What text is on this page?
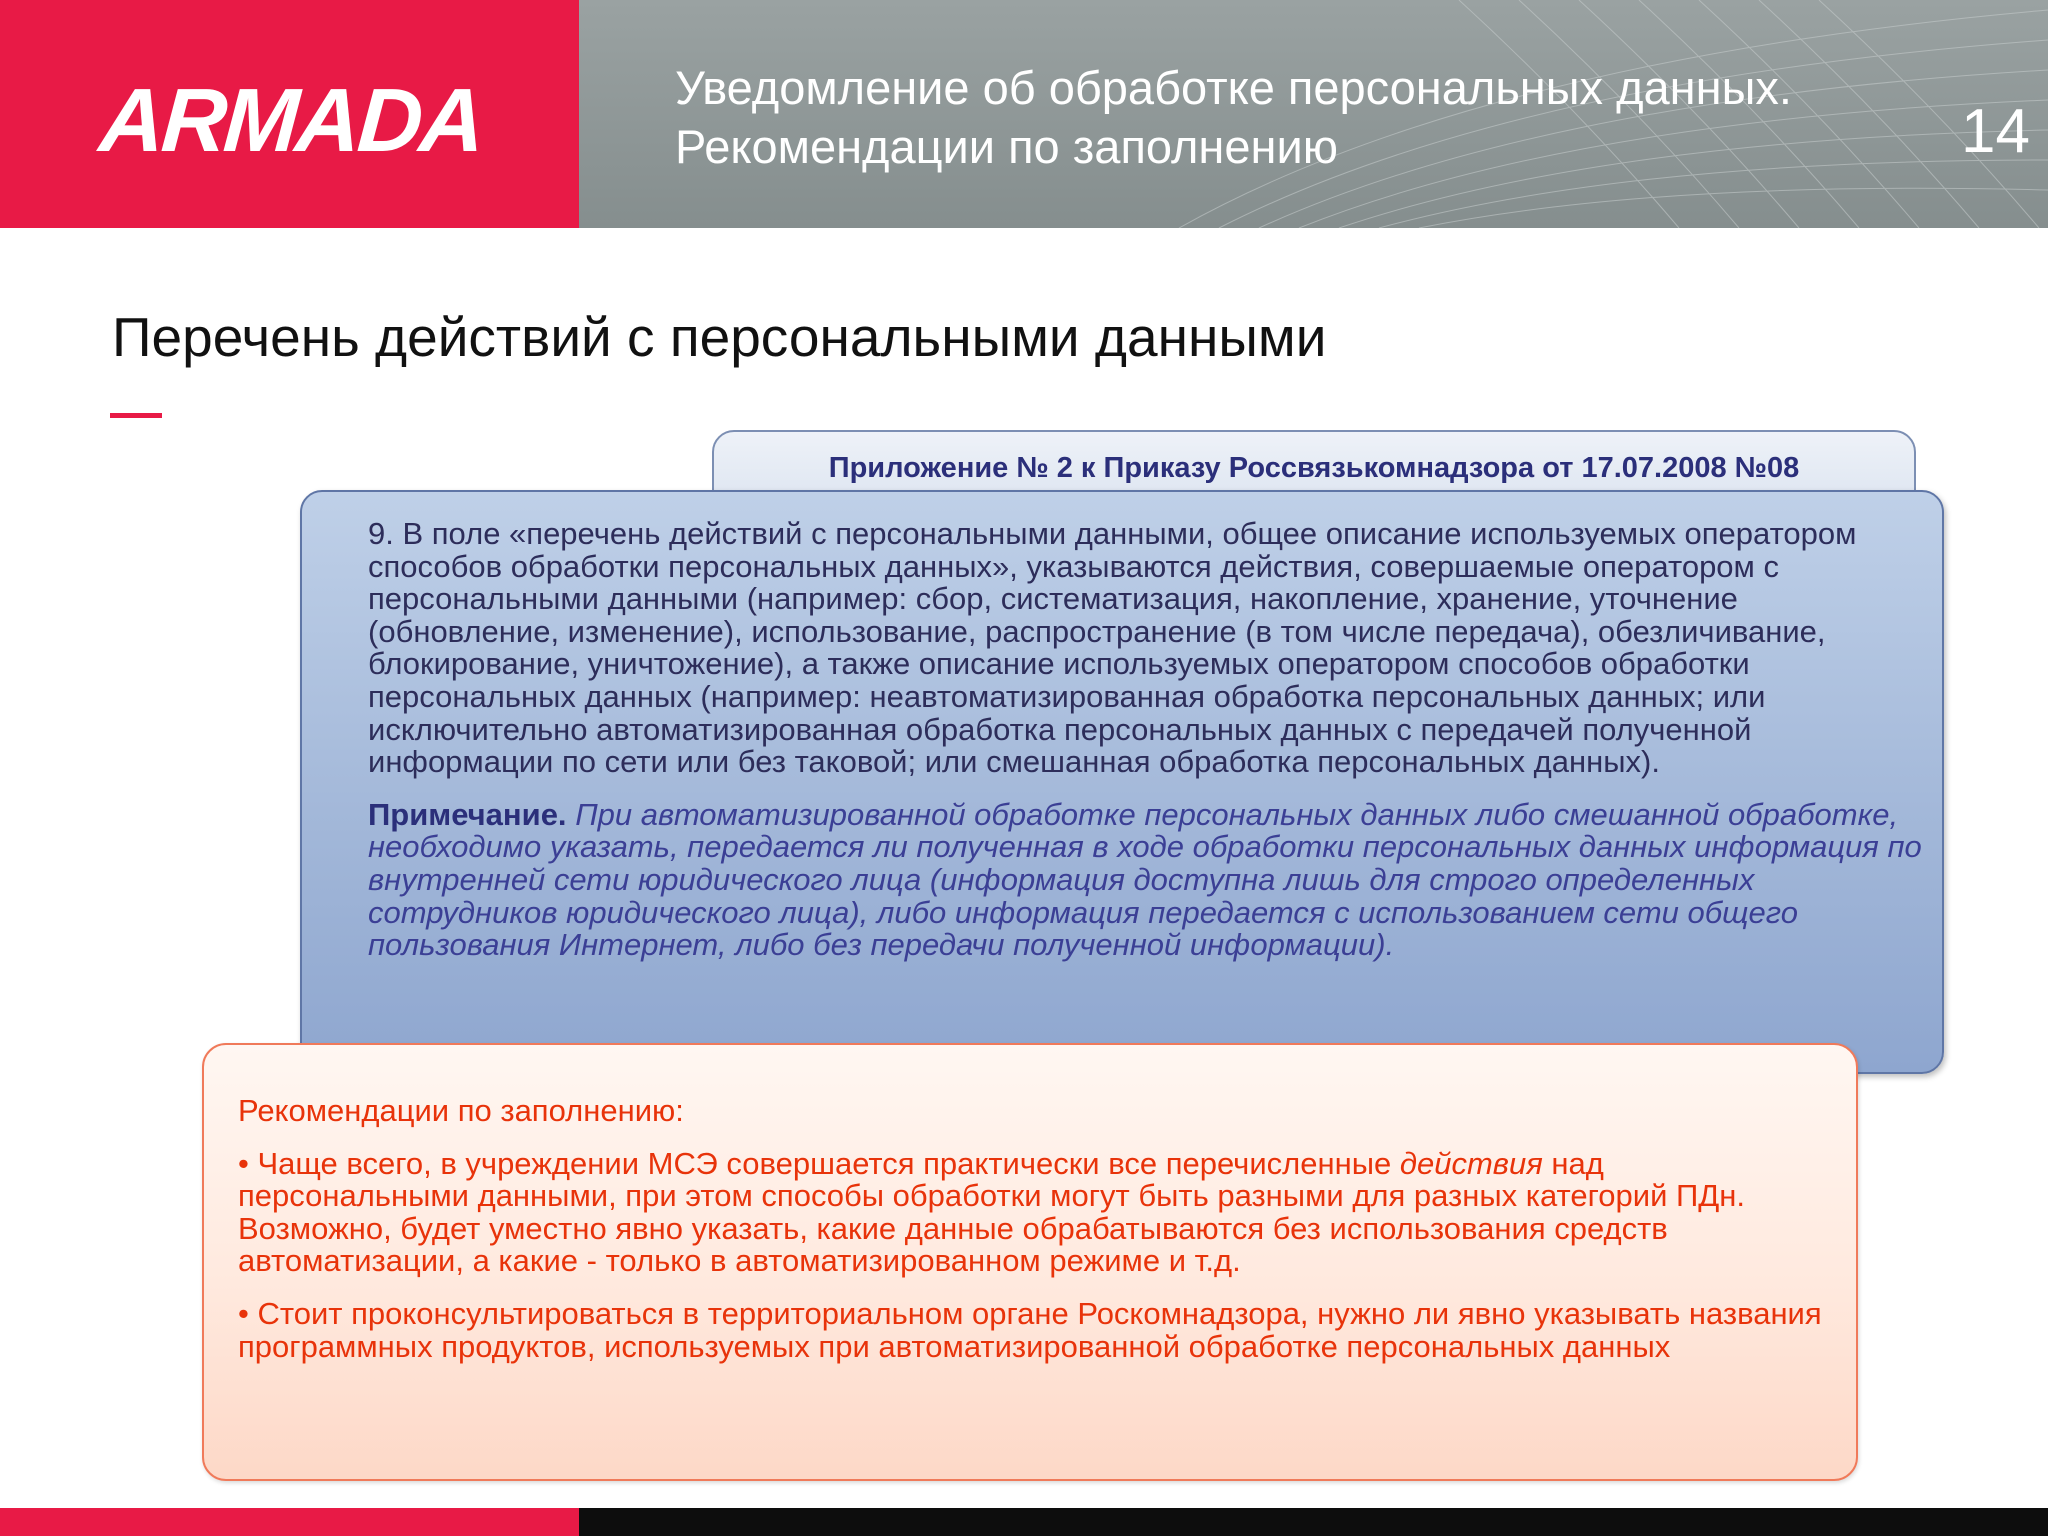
ARMADA	Уведомление об обработке персональных данных.
Рекомендации по заполнению	14
Перечень действий с персональными данными
Приложение № 2 к Приказу Россвязькомнадзора от 17.07.2008 №08

9. В поле «перечень действий с персональными данными, общее описание используемых оператором способов обработки персональных данных», указываются действия, совершаемые оператором с персональными данными (например: сбор, систематизация, накопление, хранение, уточнение (обновление, изменение), использование, распространение (в том числе передача), обезличивание, блокирование, уничтожение), а также описание используемых оператором способов обработки персональных данных (например: неавтоматизированная обработка персональных данных; или исключительно автоматизированная обработка персональных данных с передачей полученной информации по сети или без таковой; или смешанная обработка персональных данных).

Примечание. При автоматизированной обработке персональных данных либо смешанной обработке, необходимо указать, передается ли полученная в ходе обработки персональных данных информация по внутренней сети юридического лица (информация доступна лишь для строго определенных сотрудников юридического лица), либо информация передается с использованием сети общего пользования Интернет, либо без передачи полученной информации).

Рекомендации по заполнению:

• Чаще всего, в учреждении МСЭ совершается практически все перечисленные действия над персональными данными, при этом способы обработки могут быть разными для разных категорий ПДн. Возможно, будет уместно явно указать, какие данные обрабатываются без использования средств автоматизации, а какие - только в автоматизированном режиме и т.д.

• Стоит проконсультироваться в территориальном органе Роскомнадзора, нужно ли явно указывать названия программных продуктов, используемых при автоматизированной обработке персональных данных
